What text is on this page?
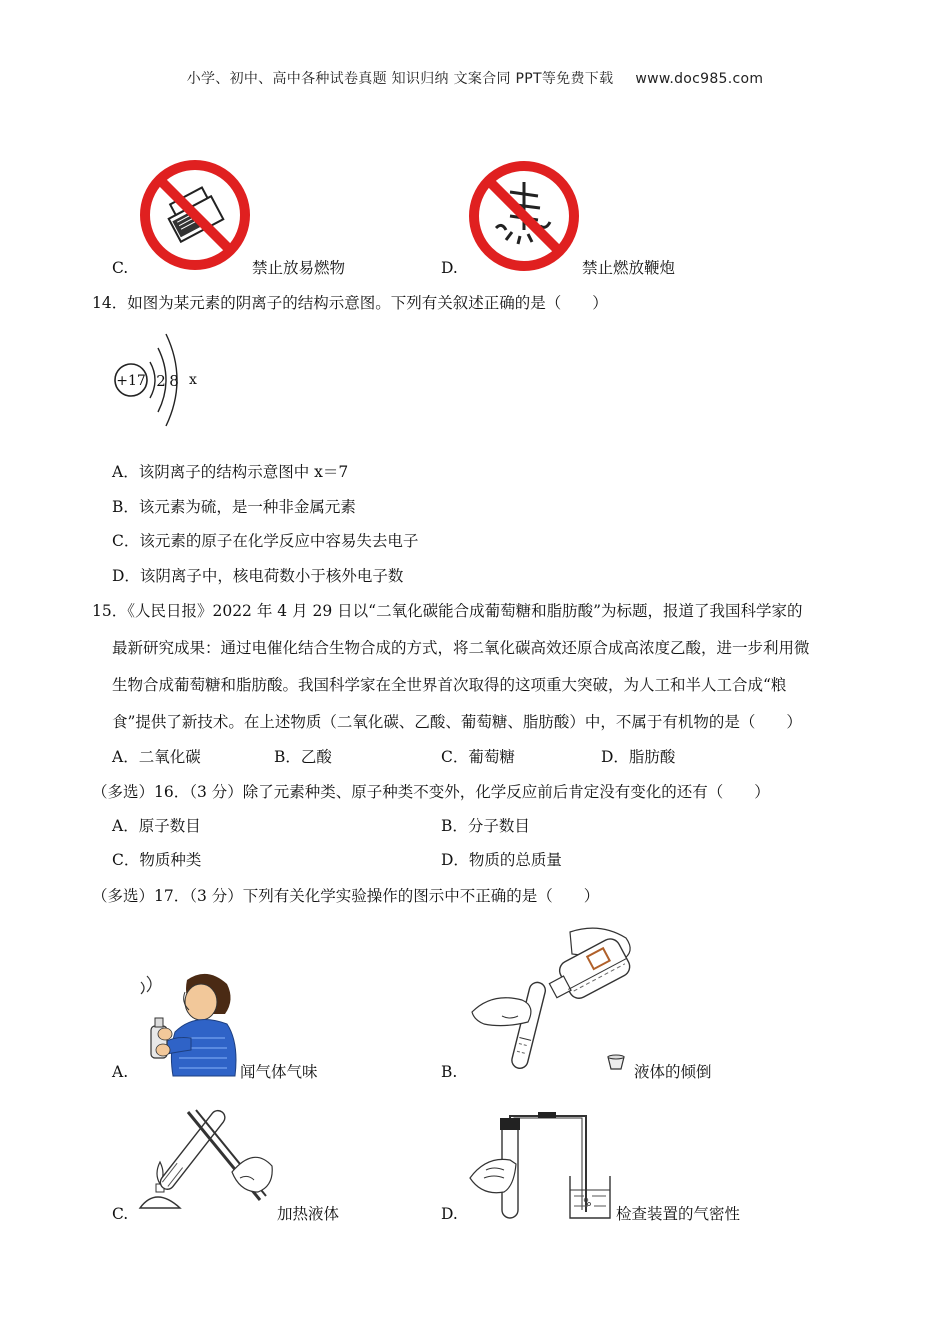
小学、初中、高中各种试卷真题 知识归纳 文案合同 PPT等免费下载 www.doc985.com
C.	禁止放易燃物	D.	禁止燃放鞭炮
14．如图为某元素的阴离子的结构示意图。下列有关叙述正确的是（　　）
+17 2 8 x
A．该阴离子的结构示意图中 x＝7
B．该元素为硫，是一种非金属元素
C．该元素的原子在化学反应中容易失去电子
D．该阴离子中，核电荷数小于核外电子数
15．《人民日报》2022 年 4 月 29 日以“二氧化碳能合成葡萄糖和脂肪酸”为标题，报道了我国科学家的
最新研究成果：通过电催化结合生物合成的方式，将二氧化碳高效还原合成高浓度乙酸，进一步利用微
生物合成葡萄糖和脂肪酸。我国科学家在全世界首次取得的这项重大突破，为人工和半人工合成“粮
食”提供了新技术。在上述物质（二氧化碳、乙酸、葡萄糖、脂肪酸）中，不属于有机物的是（　　）
A．二氧化碳	B．乙酸	C．葡萄糖	D．脂肪酸
（多选）16．（3 分）除了元素种类、原子种类不变外，化学反应前后肯定没有变化的还有（　　）
A．原子数目	B．分子数目
C．物质种类	D．物质的总质量
（多选）17．（3 分）下列有关化学实验操作的图示中不正确的是（　　）
A.	闻气体气味	B.	液体的倾倒
C.	加热液体	D.	检查装置的气密性
